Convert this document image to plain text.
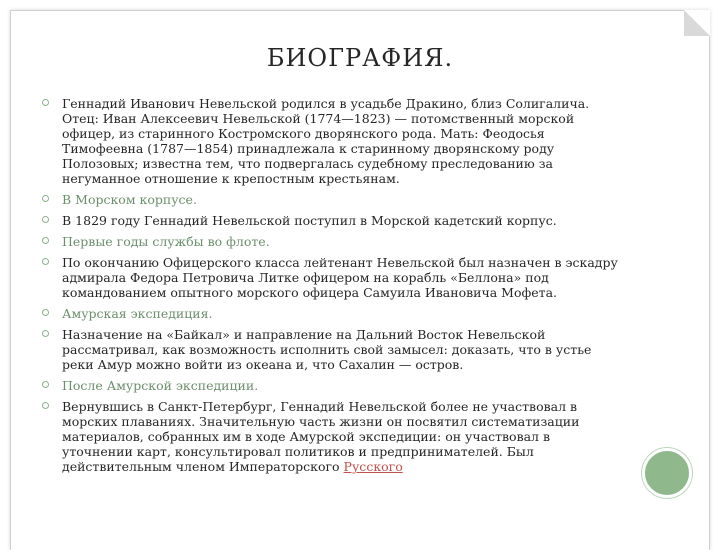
БИОГРАФИЯ.
Геннадий Иванович Невельской родился в усадьбе Дракино, близ Солигалича. Отец: Иван Алексеевич Невельской (1774—1823) — потомственный морской офицер, из старинного Костромского дворянского рода. Мать: Феодосья Тимофеевна (1787—1854) принадлежала к старинному дворянскому роду Полозовых; известна тем, что подвергалась судебному преследованию за негуманное отношение к крепостным крестьянам.
В Морском корпусе.
В 1829 году Геннадий Невельской поступил в Морской кадетский корпус.
Первые годы службы во флоте.
По окончанию Офицерского класса лейтенант Невельской был назначен в эскадру адмирала Федора Петровича Литке офицером на корабль «Беллона» под командованием опытного морского офицера Самуила Ивановича Мофета.
Амурская экспедиция.
Назначение на «Байкал» и направление на Дальний Восток Невельской рассматривал, как возможность исполнить свой замысел: доказать, что в устье реки Амур можно войти из океана и, что Сахалин — остров.
После Амурской экспедиции.
Вернувшись в Санкт-Петербург, Геннадий Невельской более не участвовал в морских плаваниях. Значительную часть жизни он посвятил систематизации материалов, собранных им в ходе Амурской экспедиции: он участвовал в уточнении карт, консультировал политиков и предпринимателей. Был действительным членом Императорского Русского
